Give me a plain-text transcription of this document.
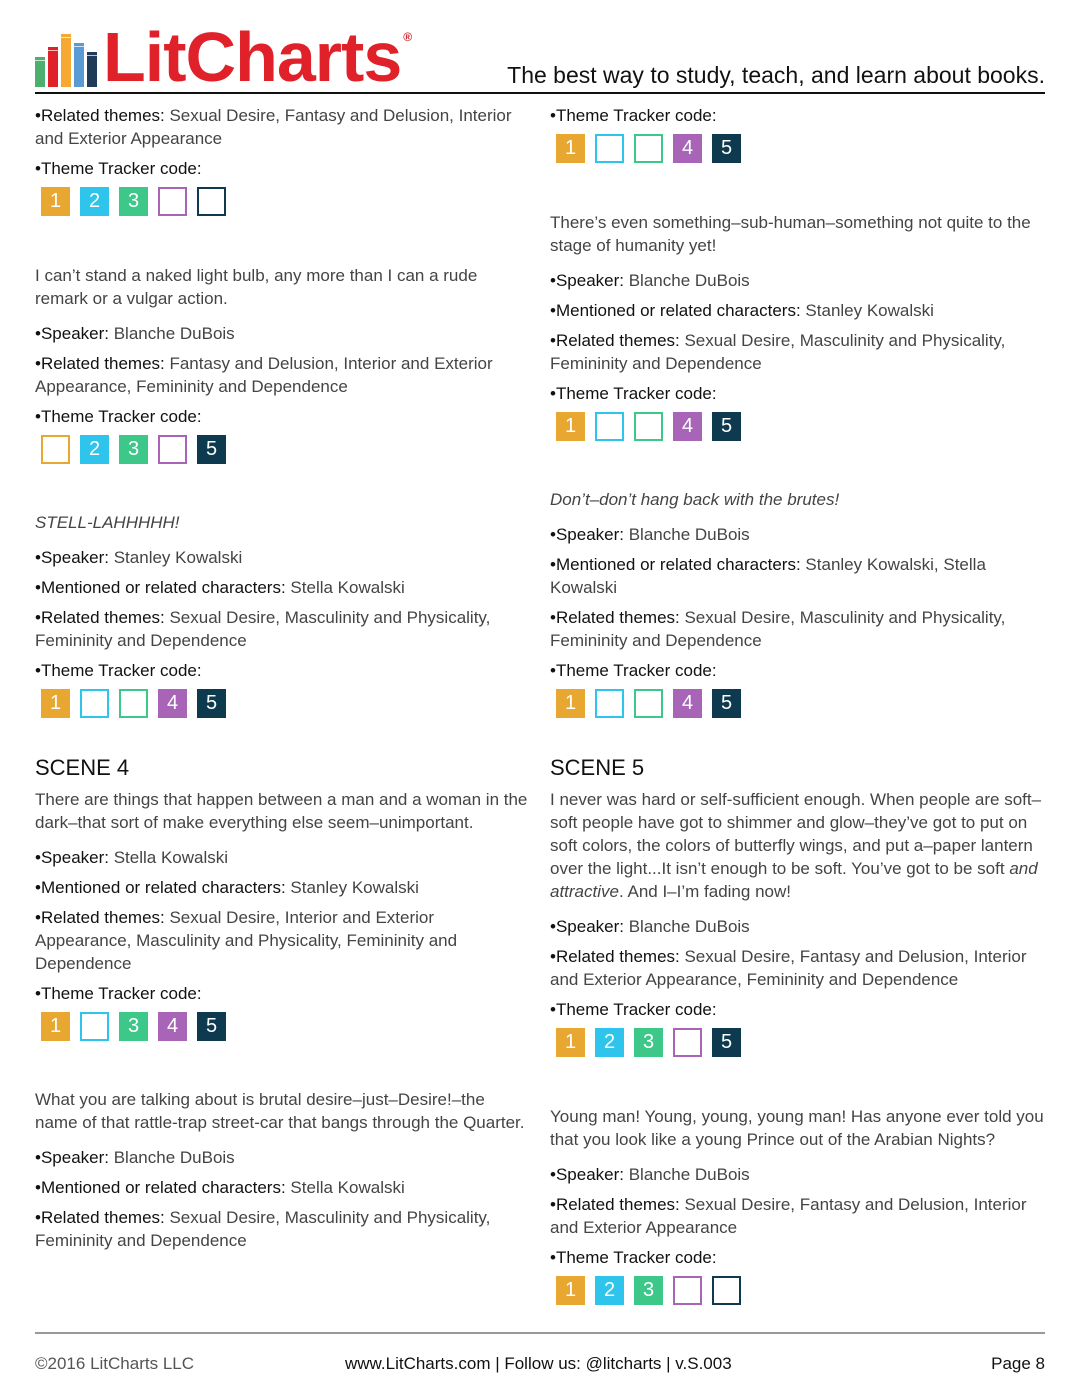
LitCharts ®
The best way to study, teach, and learn about books.
•Related themes: Sexual Desire, Fantasy and Delusion, Interior and Exterior Appearance
•Theme Tracker code:
1	2	3
I can’t stand a naked light bulb, any more than I can a rude remark or a vulgar action.
•Speaker: Blanche DuBois
•Related themes: Fantasy and Delusion, Interior and Exterior Appearance, Femininity and Dependence
•Theme Tracker code:
2	3	5
STELL-LAHHHHH!
•Speaker: Stanley Kowalski
•Mentioned or related characters: Stella Kowalski
•Related themes: Sexual Desire, Masculinity and Physicality, Femininity and Dependence
•Theme Tracker code:
1	4	5
SCENE 4
There are things that happen between a man and a woman in the dark–that sort of make everything else seem–unimportant.
•Speaker: Stella Kowalski
•Mentioned or related characters: Stanley Kowalski
•Related themes: Sexual Desire, Interior and Exterior Appearance, Masculinity and Physicality, Femininity and Dependence
•Theme Tracker code:
1	3	4	5
What you are talking about is brutal desire–just–Desire!–the name of that rattle-trap street-car that bangs through the Quarter.
•Speaker: Blanche DuBois
•Mentioned or related characters: Stella Kowalski
•Related themes: Sexual Desire, Masculinity and Physicality, Femininity and Dependence
•Theme Tracker code:
1	4	5
There’s even something–sub-human–something not quite to the stage of humanity yet!
•Speaker: Blanche DuBois
•Mentioned or related characters: Stanley Kowalski
•Related themes: Sexual Desire, Masculinity and Physicality, Femininity and Dependence
•Theme Tracker code:
1	4	5
Don’t–don’t hang back with the brutes!
•Speaker: Blanche DuBois
•Mentioned or related characters: Stanley Kowalski, Stella Kowalski
•Related themes: Sexual Desire, Masculinity and Physicality, Femininity and Dependence
•Theme Tracker code:
1	4	5
SCENE 5
I never was hard or self-sufficient enough. When people are soft–soft people have got to shimmer and glow–they’ve got to put on soft colors, the colors of butterfly wings, and put a–paper lantern over the light...It isn’t enough to be soft. You’ve got to be soft and attractive. And I–I’m fading now!
•Speaker: Blanche DuBois
•Related themes: Sexual Desire, Fantasy and Delusion, Interior and Exterior Appearance, Femininity and Dependence
•Theme Tracker code:
1	2	3	5
Young man! Young, young, young man! Has anyone ever told you that you look like a young Prince out of the Arabian Nights?
•Speaker: Blanche DuBois
•Related themes: Sexual Desire, Fantasy and Delusion, Interior and Exterior Appearance
•Theme Tracker code:
1	2	3
©2016 LitCharts LLC	www.LitCharts.com | Follow us: @litcharts | v.S.003	Page 8
